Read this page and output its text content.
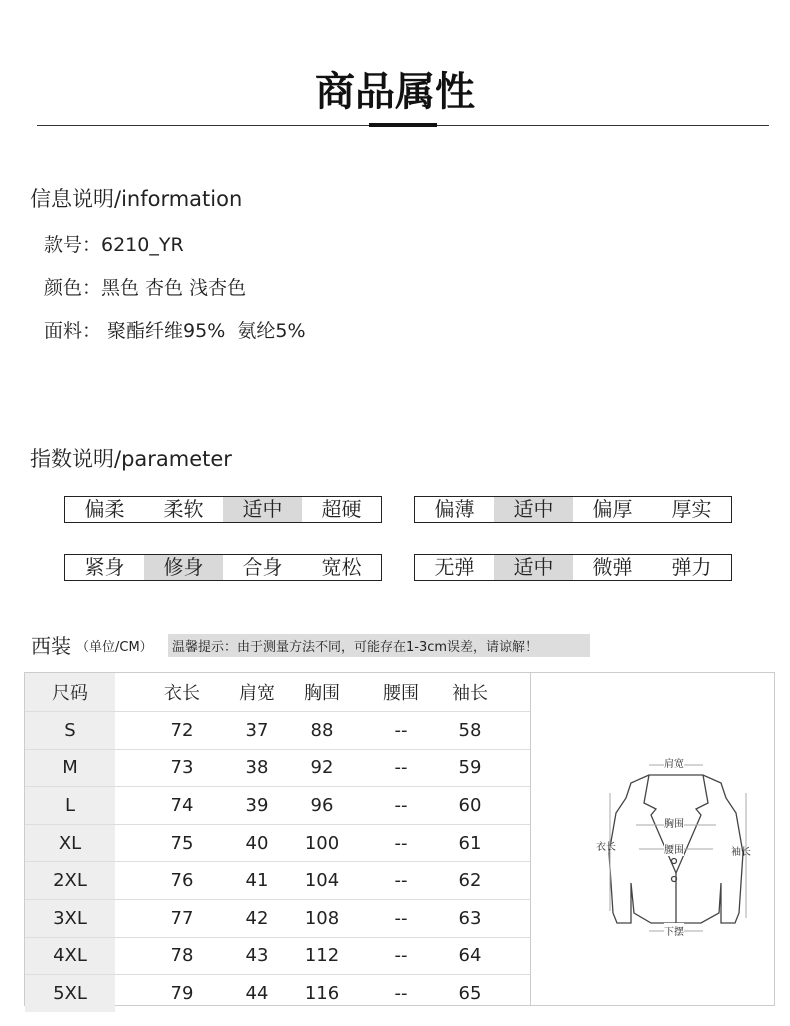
商品属性
信息说明/information
款号：6210_YR
颜色：黑色 杏色 浅杏色
面料： 聚酯纤维95%  氨纶5%
指数说明/parameter
偏柔	柔软	适中	超硬	偏薄	适中	偏厚	厚实
紧身	修身	合身	宽松	无弹	适中	微弹	弹力
西装 （单位/CM）	温馨提示：由于测量方法不同，可能存在1-3cm误差，请谅解！
尺码	衣长	肩宽	胸围	腰围	袖长
S	72	37	88	--	58
M	73	38	92	--	59
L	74	39	96	--	60
XL	75	40	100	--	61
2XL	76	41	104	--	62
3XL	77	42	108	--	63
4XL	78	43	112	--	64
5XL	79	44	116	--	65
肩宽
胸围
腰围
衣长	袖长
下摆
